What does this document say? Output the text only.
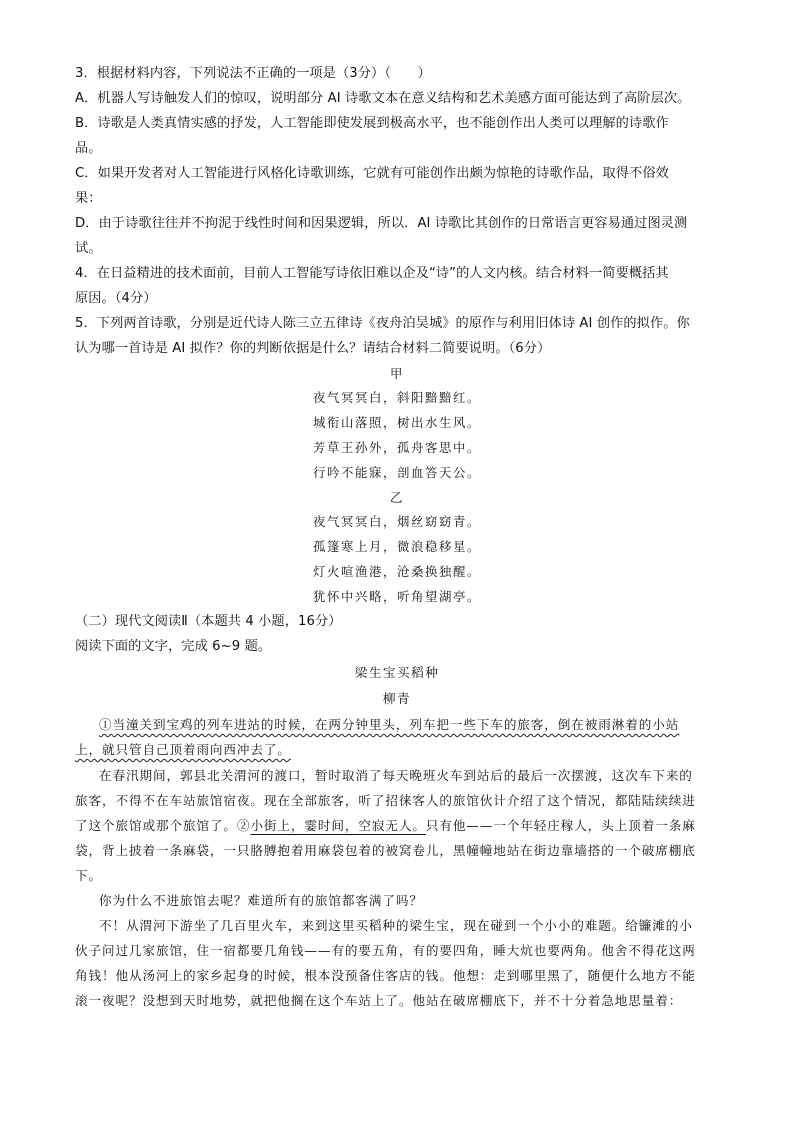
3．根据材料内容，下列说法不正确的一项是（3分）（　　）
A．机器人写诗触发人们的惊叹，说明部分 AI 诗歌文本在意义结构和艺术美感方面可能达到了高阶层次。
B．诗歌是人类真情实感的抒发，人工智能即使发展到极高水平，也不能创作出人类可以理解的诗歌作
品。
C．如果开发者对人工智能进行风格化诗歌训练，它就有可能创作出颇为惊艳的诗歌作品，取得不俗效
果：
D．由于诗歌往往并不拘泥于线性时间和因果逻辑，所以．AI 诗歌比其创作的日常语言更容易通过图灵测
试。
4．在日益精进的技术面前，目前人工智能写诗依旧难以企及“诗”的人文内核。结合材料一简要概括其
原因。（4分）
5．下列两首诗歌，分别是近代诗人陈三立五律诗《夜舟泊吴城》的原作与利用旧体诗 AI 创作的拟作。你
认为哪一首诗是 AI 拟作？你的判断依据是什么？请结合材料二简要说明。（6分）
甲
夜气冥冥白，斜阳黯黯红。
城衔山落照，树出水生风。
芳草王孙外，孤舟客思中。
行吟不能寐，剖血答天公。
乙
夜气冥冥白，烟丝窈窈青。
孤篷寒上月，微浪稳移星。
灯火喧渔港，沧桑换独醒。
犹怀中兴略，听角望湖亭。
（二）现代文阅读Ⅱ（本题共 4 小题，16分）
阅读下面的文字，完成 6~9 题。
梁生宝买稻种
柳青
①当潼关到宝鸡的列车进站的时候，在两分钟里头，列车把一些下车的旅客，倒在被雨淋着的小站
上，就只管自己顶着雨向西冲去了。
在春汛期间，郭县北关渭河的渡口，暂时取消了每天晚班火车到站后的最后一次摆渡，这次车下来的
旅客，不得不在车站旅馆宿夜。现在全部旅客，听了招徕客人的旅馆伙计介绍了这个情况，都陆陆续续进
了这个旅馆或那个旅馆了。②小街上，霎时间，空寂无人。只有他——一个年轻庄稼人，头上顶着一条麻
袋，背上披着一条麻袋，一只胳膊抱着用麻袋包着的被窝卷儿，黑幢幢地站在街边靠墙搭的一个破席棚底
下。
你为什么不进旅馆去呢？难道所有的旅馆都客满了吗？
不！从渭河下游坐了几百里火车，来到这里买稻种的梁生宝，现在碰到一个小小的难题。给镰滩的小
伙子问过几家旅馆，住一宿都要几角钱——有的要五角，有的要四角，睡大炕也要两角。他舍不得花这两
角钱！他从汤河上的家乡起身的时候，根本没预备住客店的钱。他想：走到哪里黑了，随便什么地方不能
滚一夜呢？没想到天时地势，就把他搁在这个车站上了。他站在破席棚底下，并不十分着急地思量着：
